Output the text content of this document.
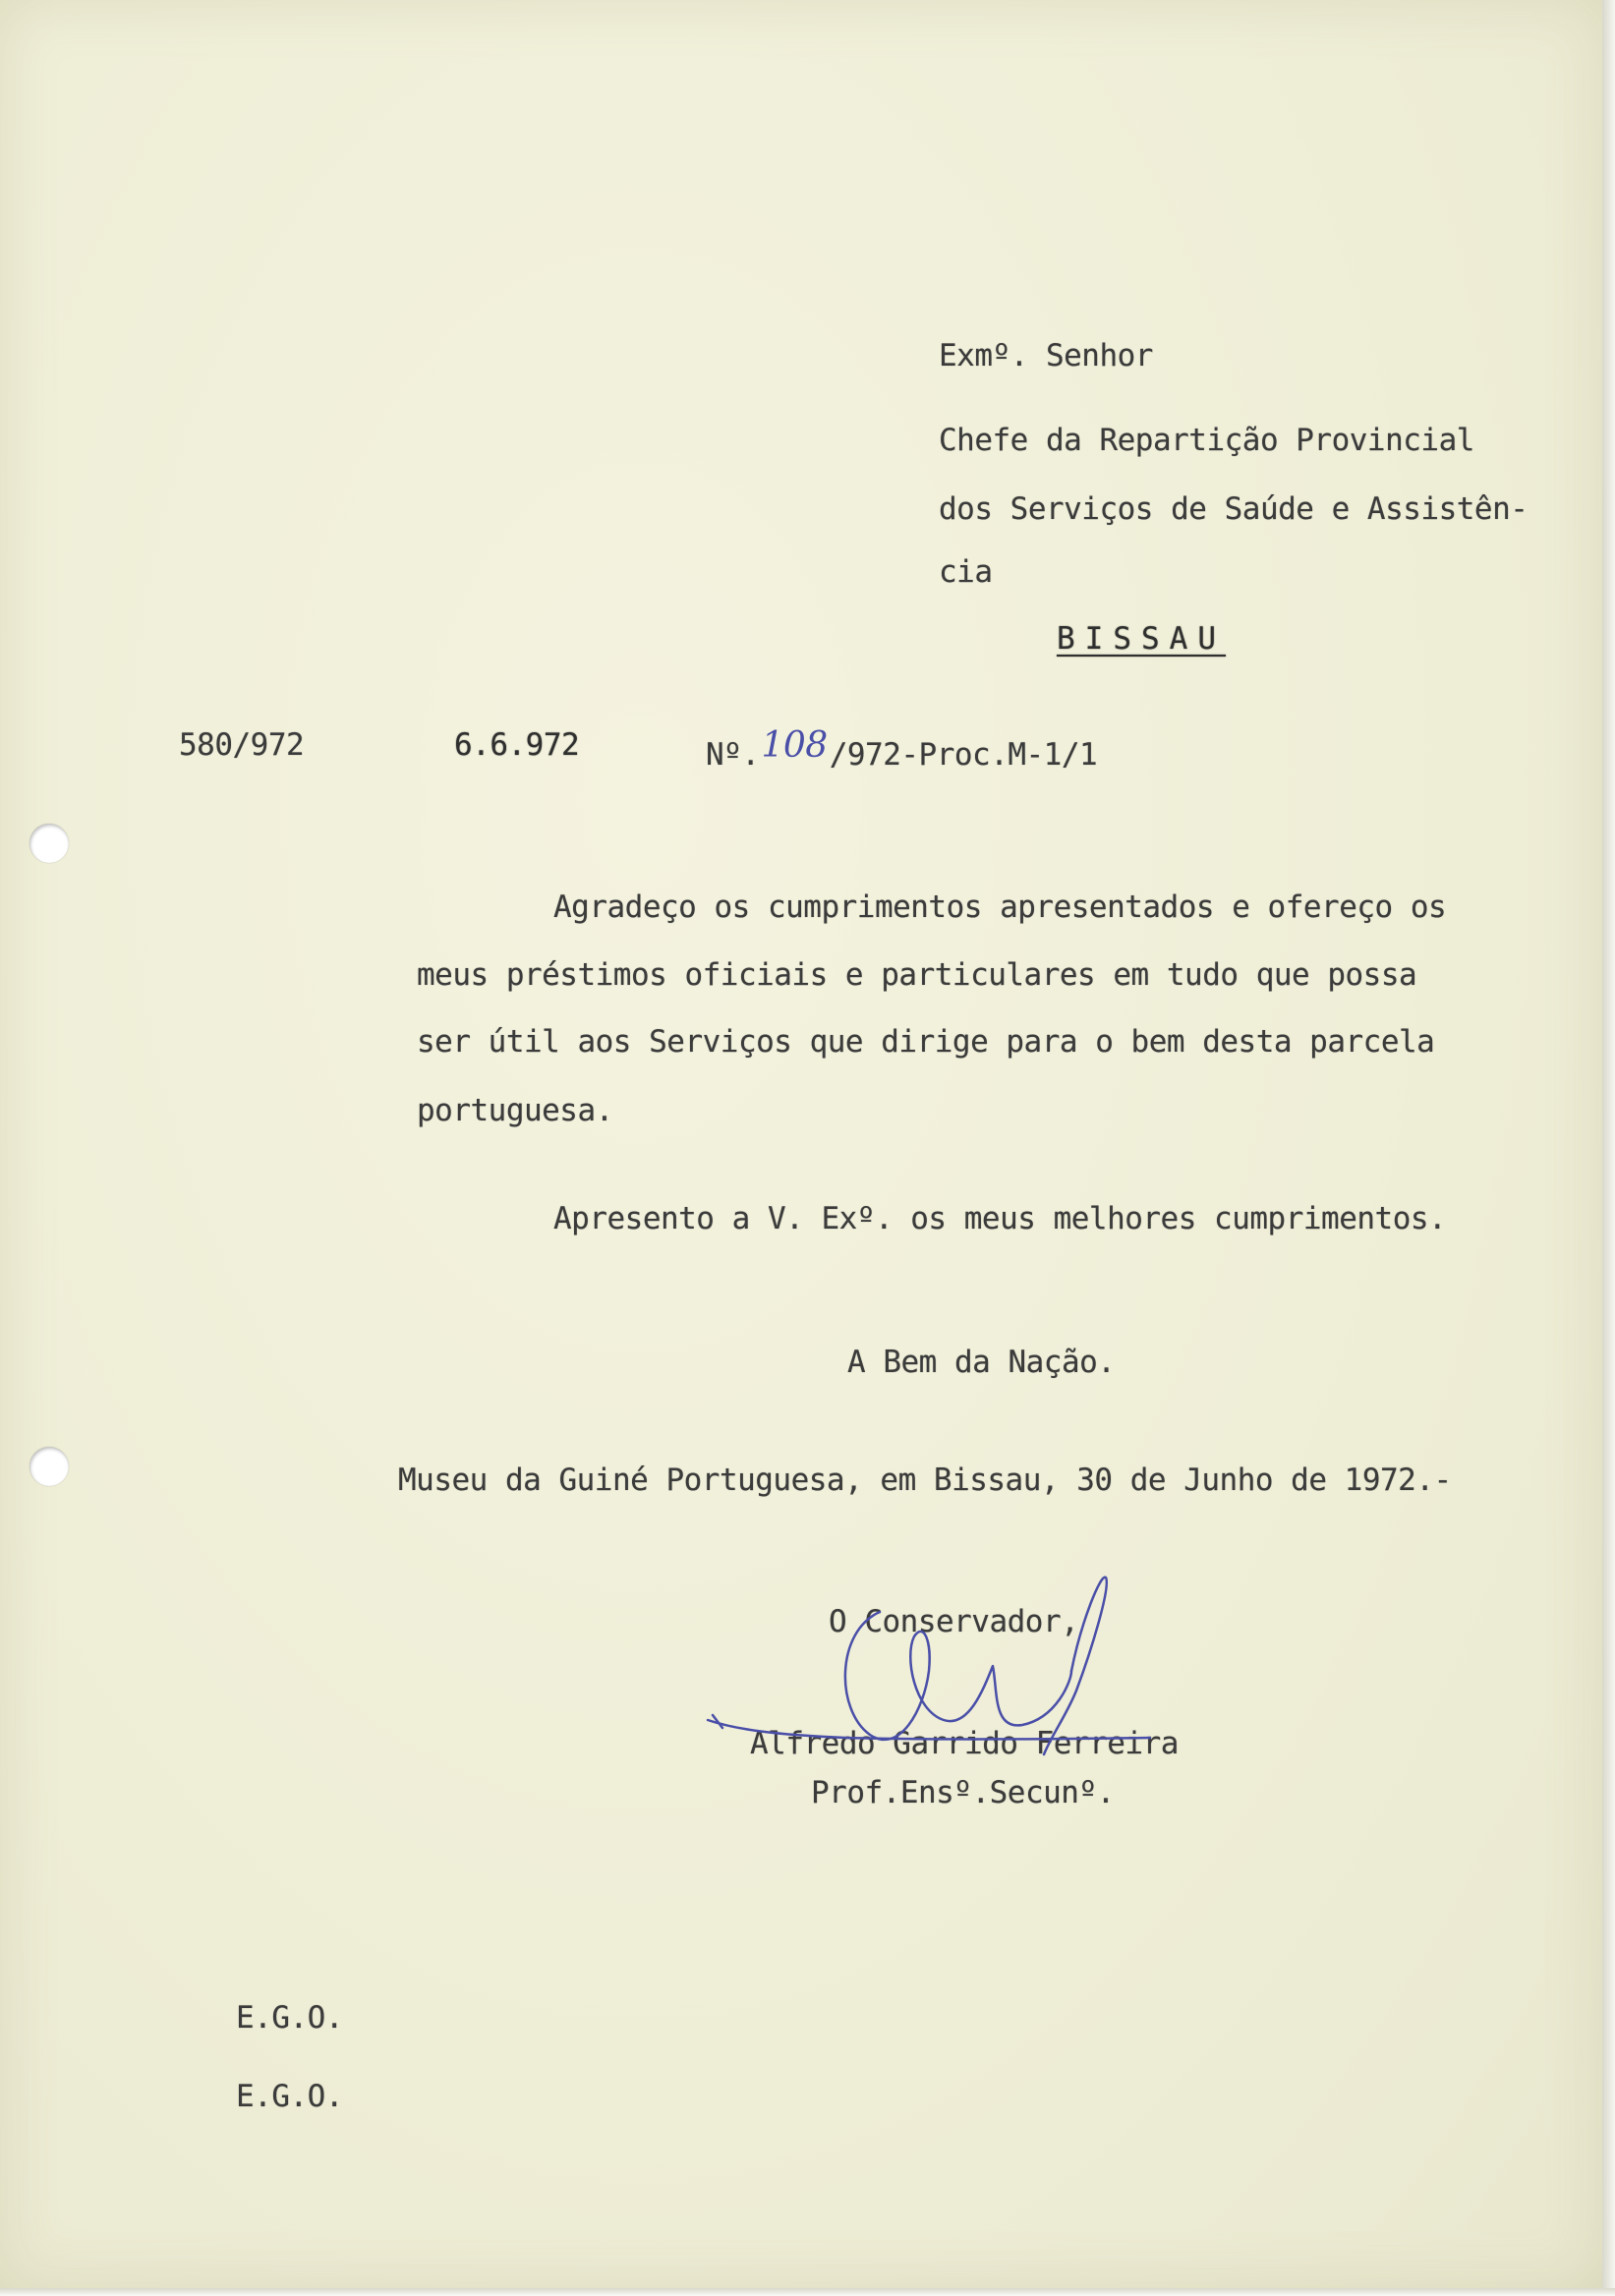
Exmº. Senhor
Chefe da Repartição Provincial
dos Serviços de Saúde e Assistên-
cia
BISSAU
580/972	6.6.972	Nº.108/972-Proc.M-1/1
Agradeço os cumprimentos apresentados e ofereço os
meus préstimos oficiais e particulares em tudo que possa
ser útil aos Serviços que dirige para o bem desta parcela
portuguesa.
Apresento a V. Exº. os meus melhores cumprimentos.
A Bem da Nação.
Museu da Guiné Portuguesa, em Bissau, 30 de Junho de 1972.-
O Conservador,
Alfredo Garrido Ferreira
Prof.Ensº.Secunº.
E.G.O.
E.G.O.
